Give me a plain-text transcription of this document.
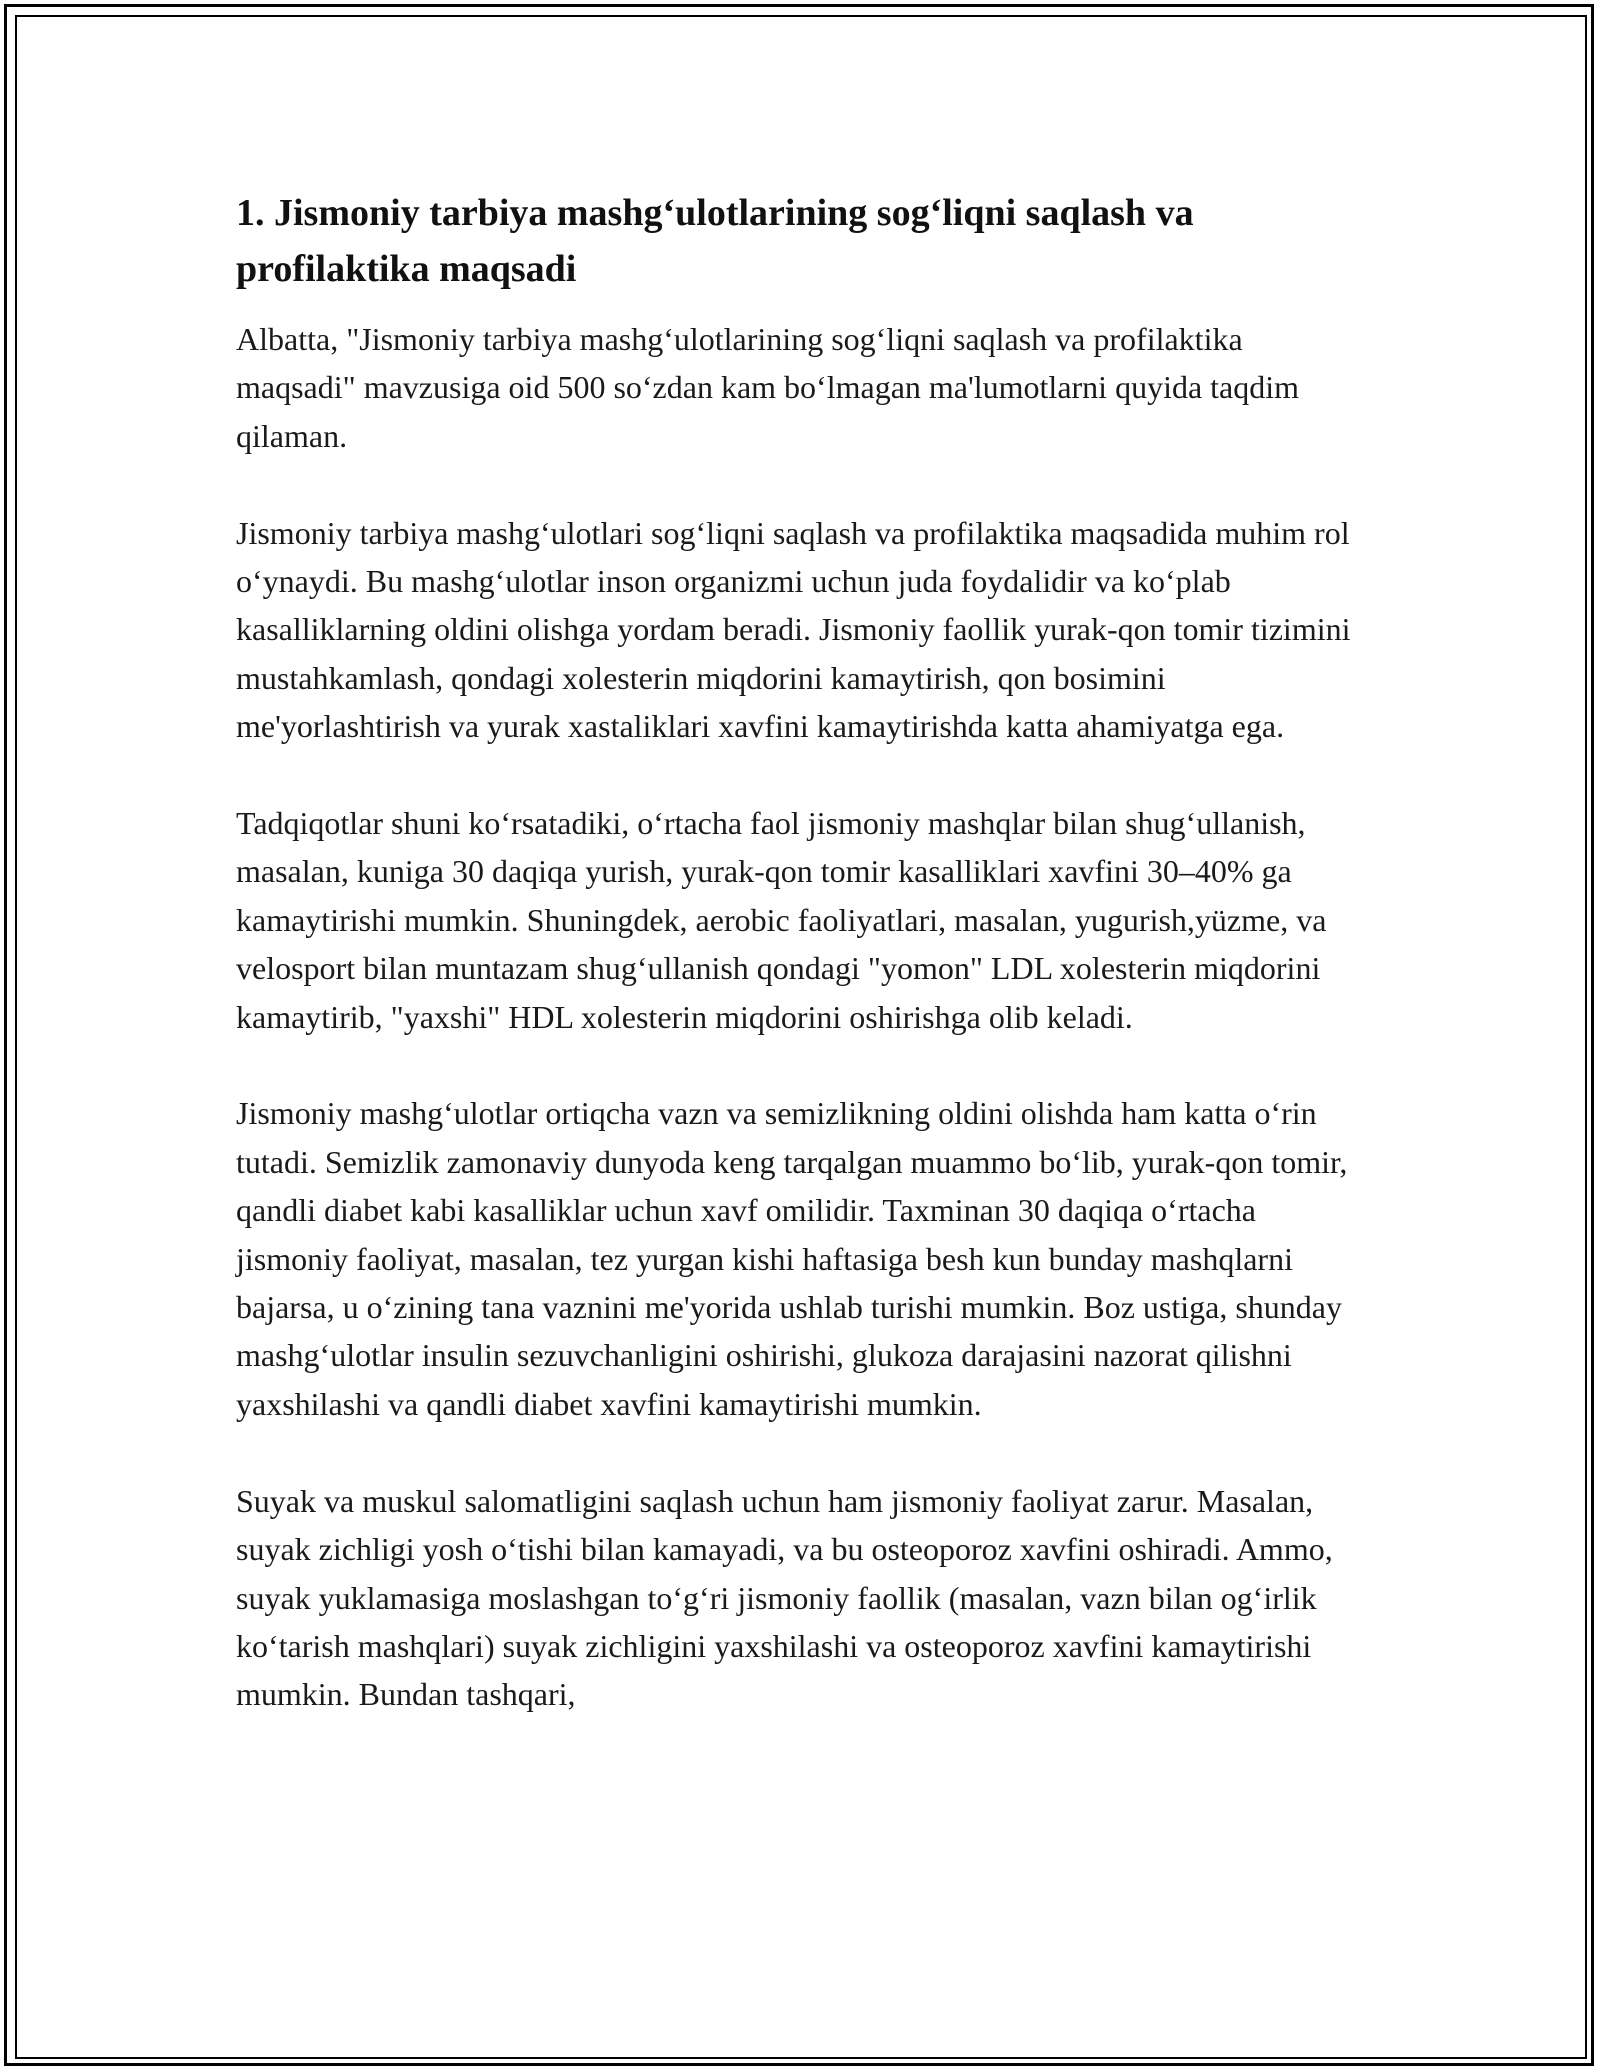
1. Jismoniy tarbiya mashg‘ulotlarining sog‘liqni saqlash va profilaktika maqsadi

Albatta, "Jismoniy tarbiya mashg‘ulotlarining sog‘liqni saqlash va profilaktika maqsadi" mavzusiga oid 500 so‘zdan kam bo‘lmagan ma'lumotlarni quyida taqdim qilaman.

Jismoniy tarbiya mashg‘ulotlari sog‘liqni saqlash va profilaktika maqsadida muhim rol o‘ynaydi. Bu mashg‘ulotlar inson organizmi uchun juda foydalidir va ko‘plab kasalliklarning oldini olishga yordam beradi. Jismoniy faollik yurak-qon tomir tizimini mustahkamlash, qondagi xolesterin miqdorini kamaytirish, qon bosimini me'yorlashtirish va yurak xastaliklari xavfini kamaytirishda katta ahamiyatga ega.

Tadqiqotlar shuni ko‘rsatadiki, o‘rtacha faol jismoniy mashqlar bilan shug‘ullanish, masalan, kuniga 30 daqiqa yurish, yurak-qon tomir kasalliklari xavfini 30–40% ga kamaytirishi mumkin. Shuningdek, aerobic faoliyatlari, masalan, yugurish,yüzme, va velosport bilan muntazam shug‘ullanish qondagi "yomon" LDL xolesterin miqdorini kamaytirib, "yaxshi" HDL xolesterin miqdorini oshirishga olib keladi.

Jismoniy mashg‘ulotlar ortiqcha vazn va semizlikning oldini olishda ham katta o‘rin tutadi. Semizlik zamonaviy dunyoda keng tarqalgan muammo bo‘lib, yurak-qon tomir, qandli diabet kabi kasalliklar uchun xavf omilidir. Taxminan 30 daqiqa o‘rtacha jismoniy faoliyat, masalan, tez yurgan kishi haftasiga besh kun bunday mashqlarni bajarsa, u o‘zining tana vaznini me'yorida ushlab turishi mumkin. Boz ustiga, shunday mashg‘ulotlar insulin sezuvchanligini oshirishi, glukoza darajasini nazorat qilishni yaxshilashi va qandli diabet xavfini kamaytirishi mumkin.

Suyak va muskul salomatligini saqlash uchun ham jismoniy faoliyat zarur. Masalan, suyak zichligi yosh o‘tishi bilan kamayadi, va bu osteoporoz xavfini oshiradi. Ammo, suyak yuklamasiga moslashgan to‘g‘ri jismoniy faollik (masalan, vazn bilan og‘irlik ko‘tarish mashqlari) suyak zichligini yaxshilashi va osteoporoz xavfini kamaytirishi mumkin. Bundan tashqari,
